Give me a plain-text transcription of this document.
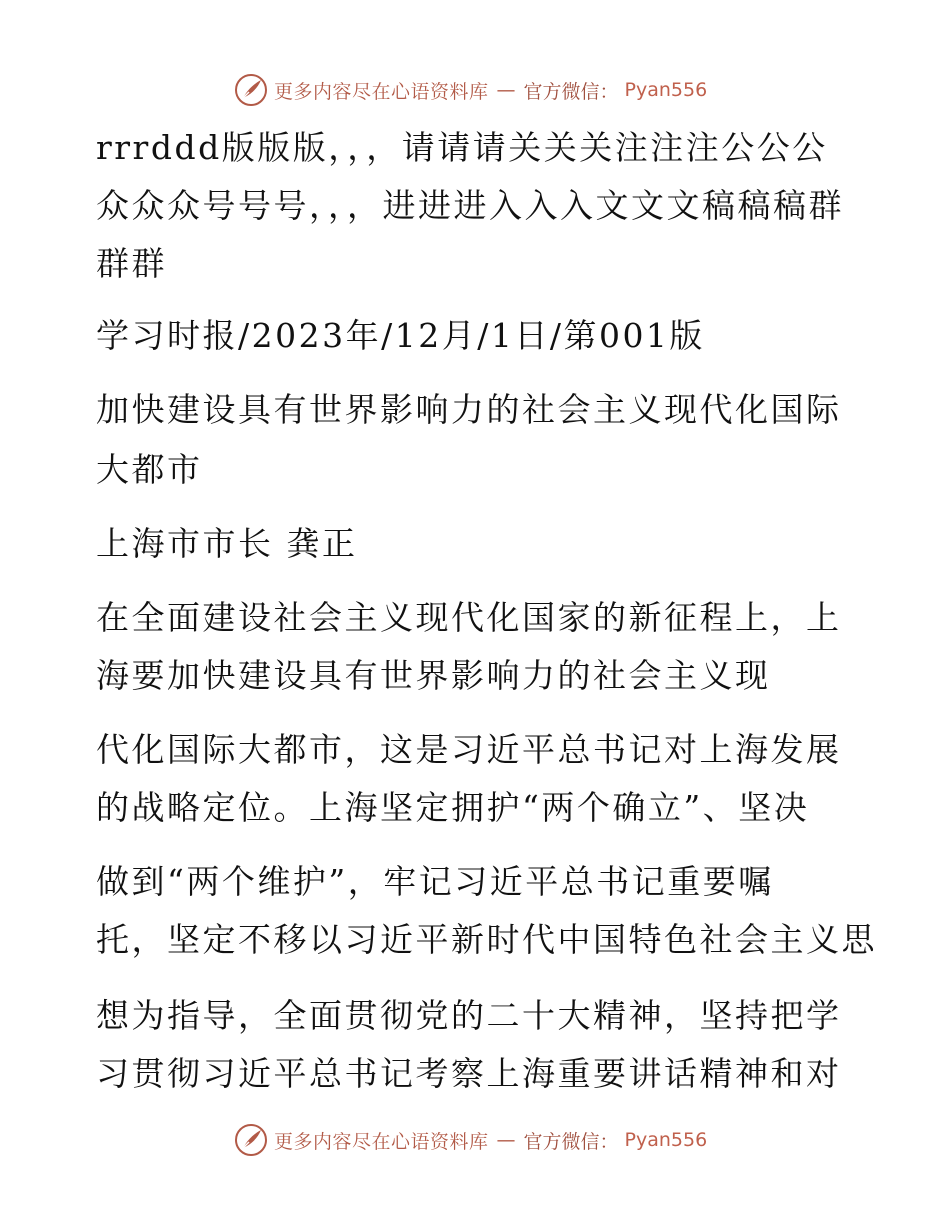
更多内容尽在心语资料库 — 官方微信： Pyan556
rrrddd版版版，，，请请请关关关注注注公公公
众众众号号号，，，进进进入入入文文文稿稿稿群
群群
学习时报/2023年/12月/1日/第001版
加快建设具有世界影响力的社会主义现代化国际
大都市
上海市市长 龚正
在全面建设社会主义现代化国家的新征程上，上
海要加快建设具有世界影响力的社会主义现
代化国际大都市，这是习近平总书记对上海发展
的战略定位。上海坚定拥护“两个确立”、坚决
做到“两个维护”，牢记习近平总书记重要嘱
托，坚定不移以习近平新时代中国特色社会主义思
想为指导，全面贯彻党的二十大精神，坚持把学
习贯彻习近平总书记考察上海重要讲话精神和对
更多内容尽在心语资料库 — 官方微信： Pyan556
